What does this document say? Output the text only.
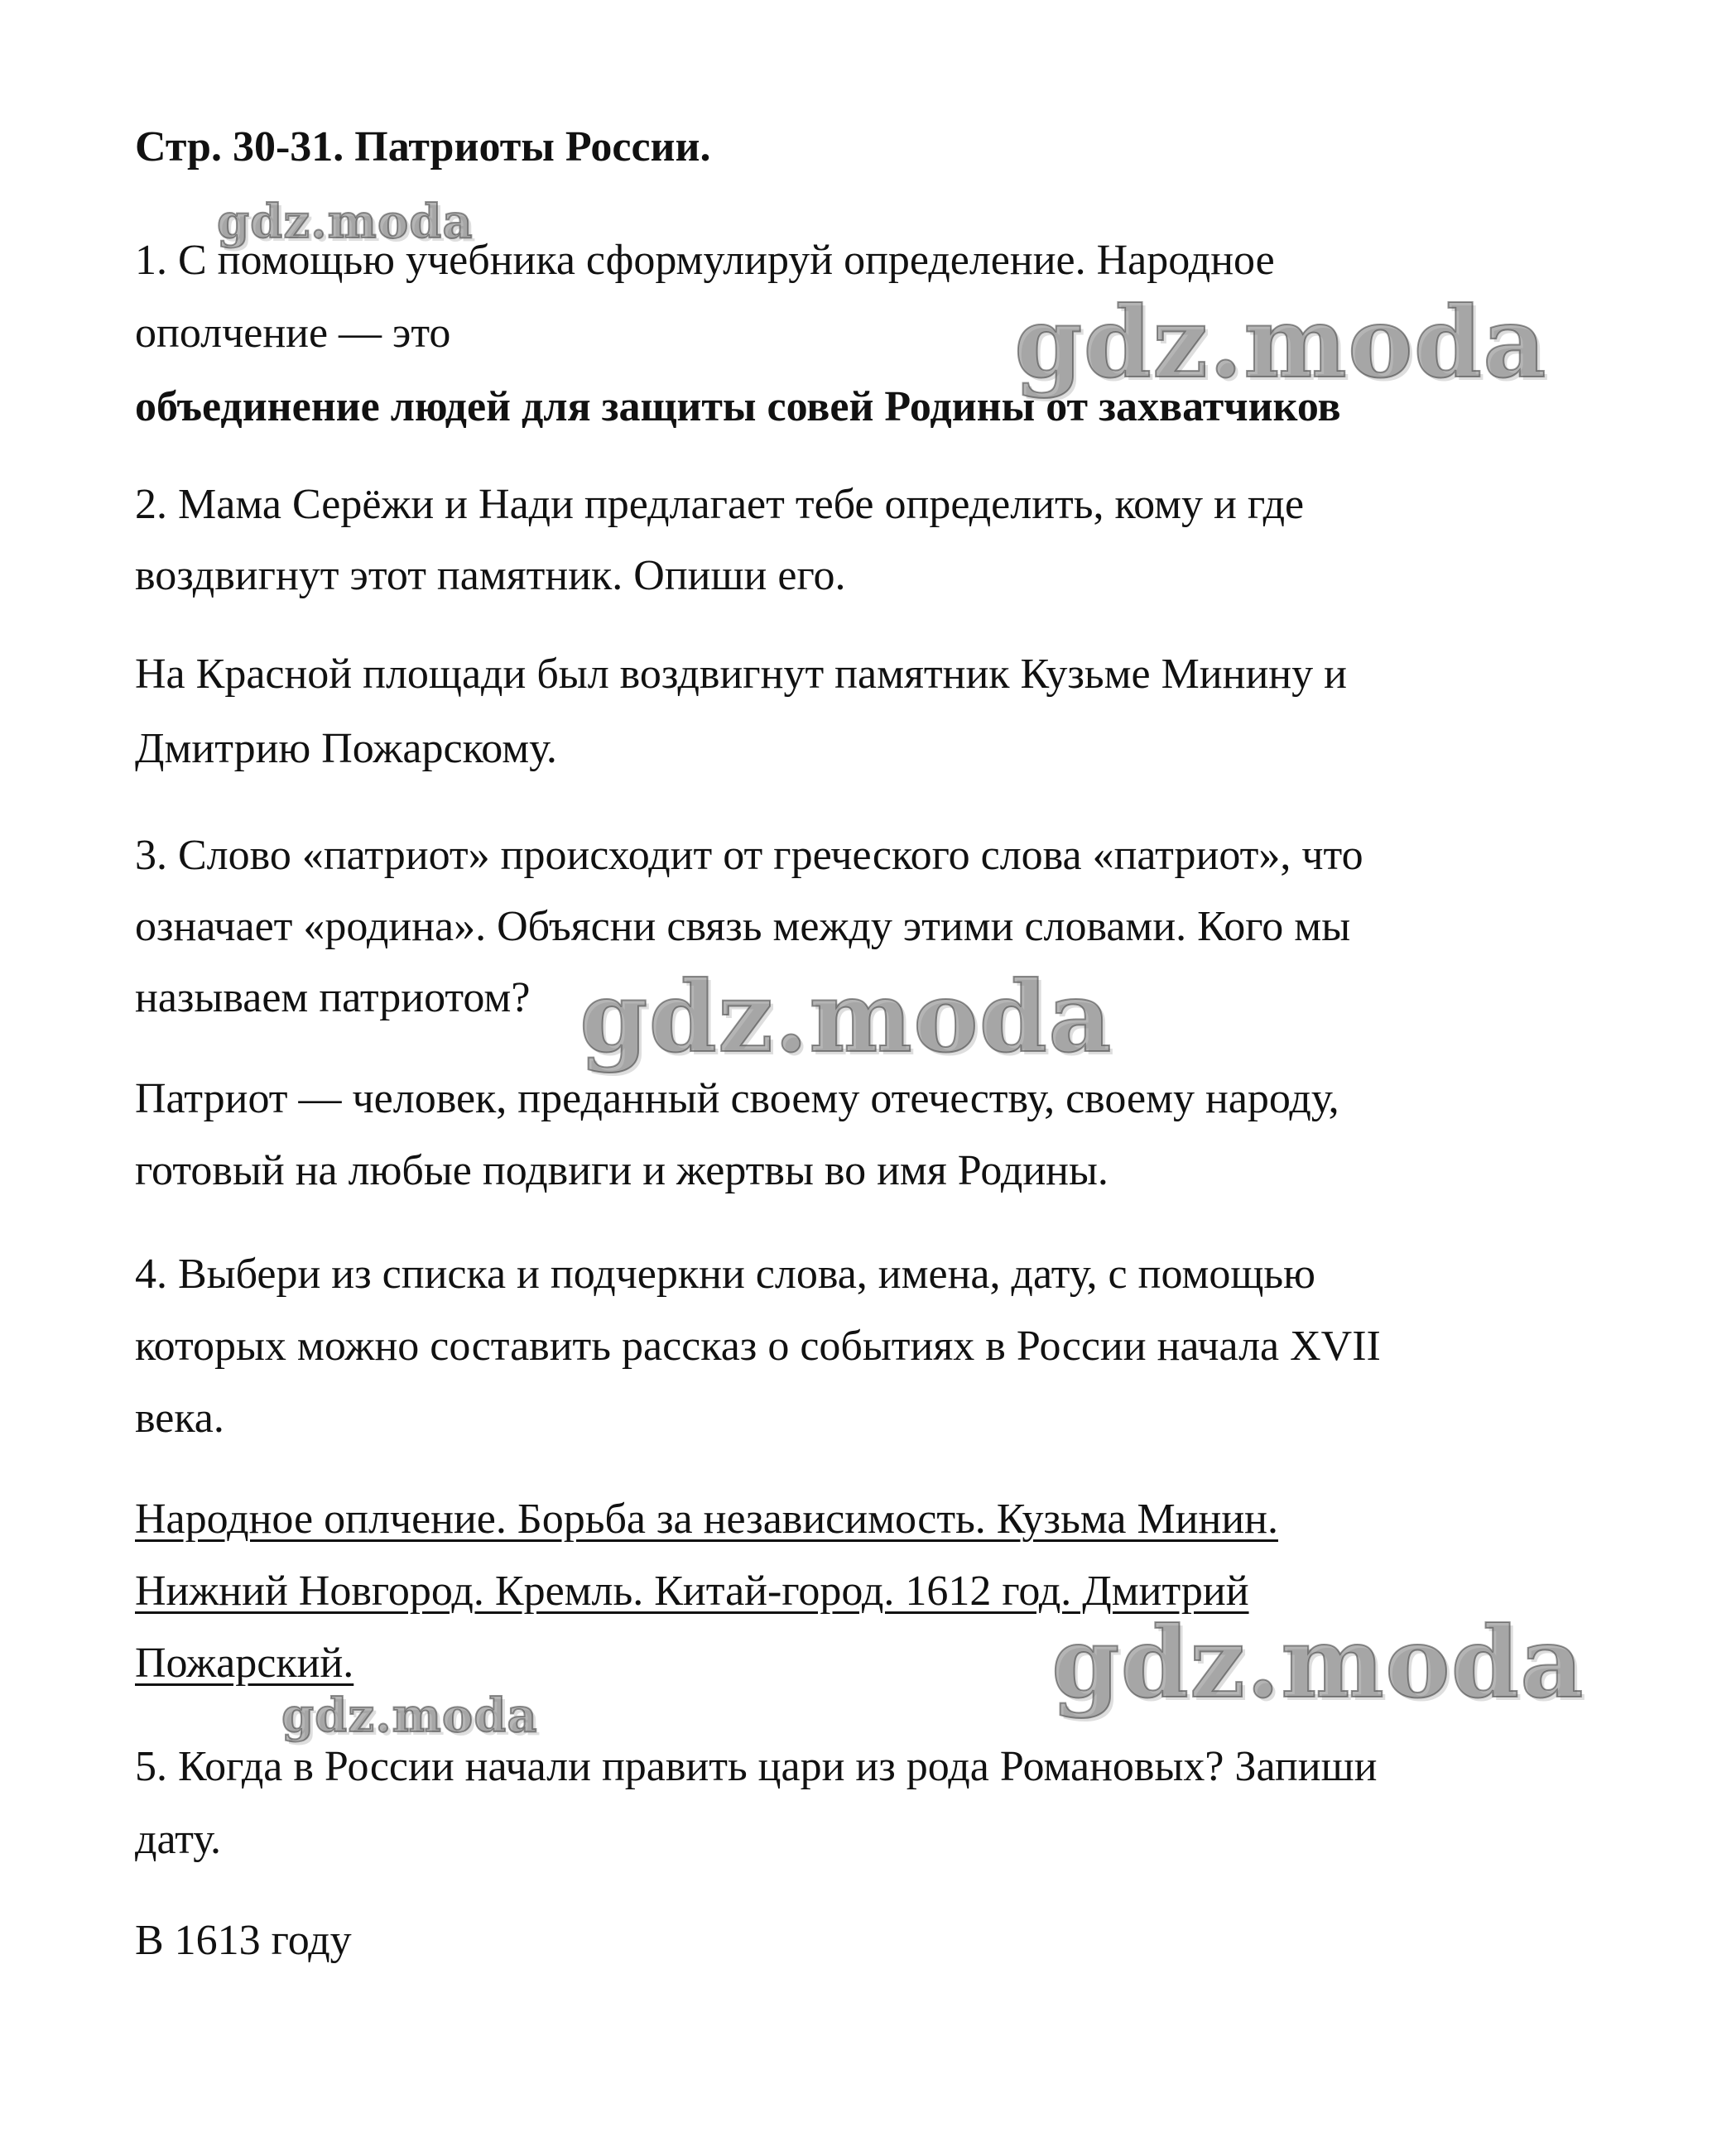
Стр. 30-31. Патриоты России.
1. С помощью учебника сформулируй определение. Народное
ополчение — это
объединение людей для защиты совей Родины от захватчиков
2. Мама Серёжи и Нади предлагает тебе определить, кому и где
воздвигнут этот памятник. Опиши его.
На Красной площади был воздвигнут памятник Кузьме Минину и
Дмитрию Пожарскому.
3. Слово «патриот» происходит от греческого слова «патриот», что
означает «родина». Объясни связь между этими словами. Кого мы
называем патриотом?
Патриот — человек, преданный своему отечеству, своему народу,
готовый на любые подвиги и жертвы во имя Родины.
4. Выбери из списка и подчеркни слова, имена, дату, с помощью
которых можно составить рассказ о событиях в России начала XVII
века.
Народное оплчение. Борьба за независимость. Кузьма Минин.
Нижний Новгород. Кремль. Китай-город. 1612 год. Дмитрий
Пожарский.
5. Когда в России начали править цари из рода Романовых? Запиши
дату.
В 1613 году
gdz.moda
gdz.moda
gdz.moda
gdz.moda
gdz.moda
